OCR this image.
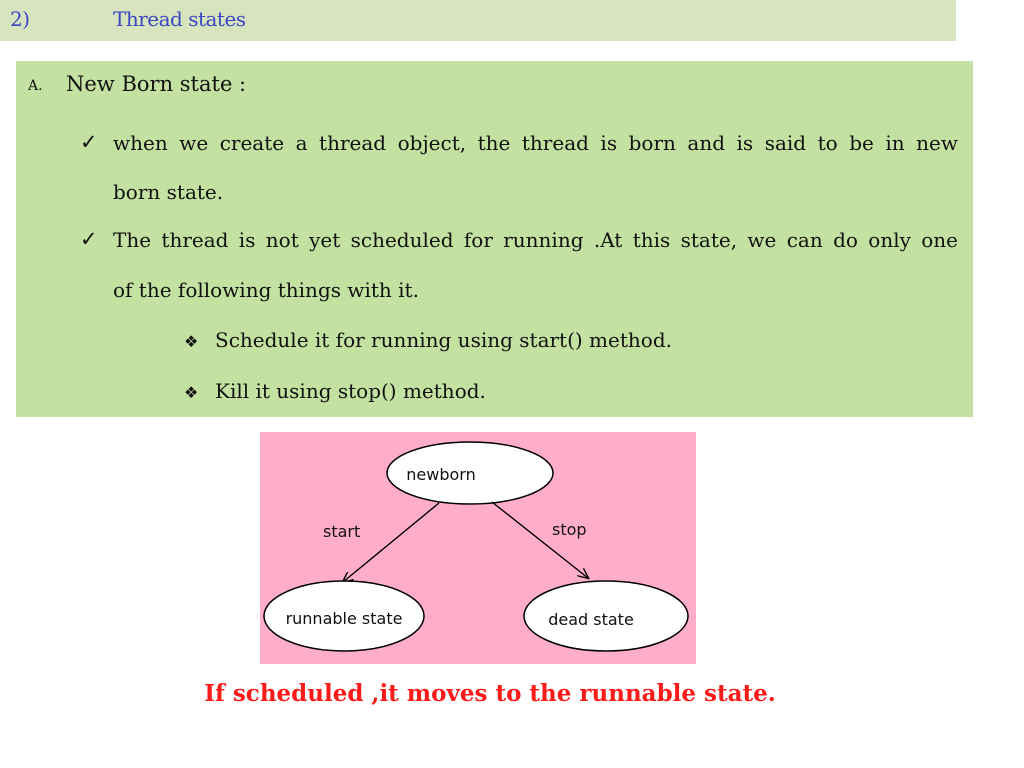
2)	Thread states
A. New Born state :
✓ when we create a thread object, the thread is born and is said to be in new
born state.
✓ The thread is not yet scheduled for running .At this state, we can do only one
of the following things with it.
❖ Schedule it for running using start() method.
❖ Kill it using stop() method.
newborn
start	stop
runnable state	dead state
If scheduled ,it moves to the runnable state.
